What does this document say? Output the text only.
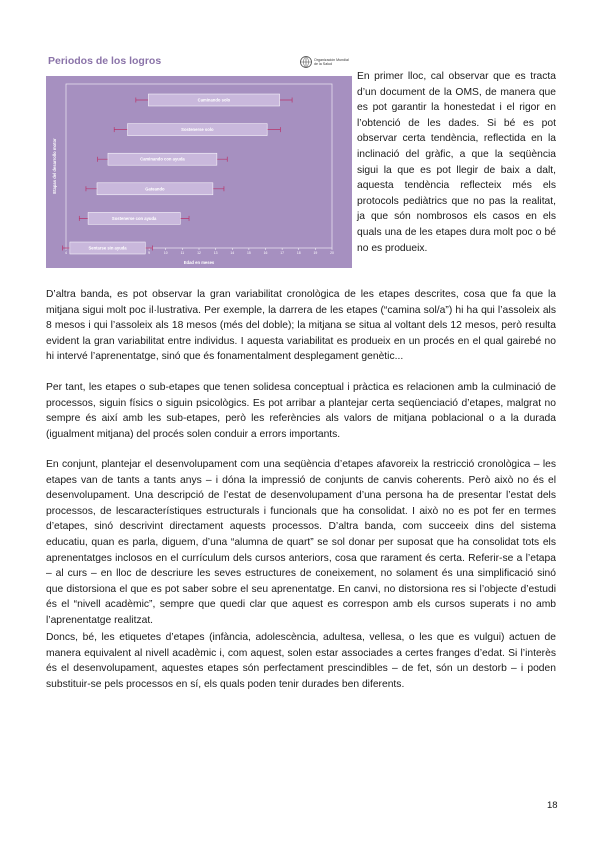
Periodos de los logros	Organización Mundial de la Salud
4	9	10	11	12	13	14	15	16	17	18	19	20
Edad en meses
Etapas del desarrollo motor
Caminando solo
Sostenerse solo
Caminando con ayuda
Gateando
Sostenerse con ayuda
Sentarse sin ayuda

En primer lloc, cal observar que es tracta d’un document de la OMS, de manera que es pot garantir la honestedat i el rigor en l’obtenció de les dades. Si bé es pot observar certa tendència, reflectida en la inclinació del gràfic, a que la seqüència sigui la que es pot llegir de baix a dalt, aquesta tendència reflecteix més els protocols pediàtrics que no pas la realitat, ja que són nombrosos els casos en els quals una de les etapes dura molt poc o bé no es produeix.

D’altra banda, es pot observar la gran variabilitat cronològica de les etapes descrites, cosa que fa que la mitjana sigui molt poc il·lustrativa. Per exemple, la darrera de les etapes (“camina sol/a”) hi ha qui l’assoleix als 8 mesos i qui l’assoleix als 18 mesos (més del doble); la mitjana se situa al voltant dels 12 mesos, però resulta evident la gran variabilitat entre individus. I aquesta variabilitat es produeix en un procés en el qual gairebé no hi intervé l’aprenentatge, sinó que és fonamentalment desplegament genètic...

Per tant, les etapes o sub-etapes que tenen solidesa conceptual i pràctica es relacionen amb la culminació de processos, siguin físics o siguin psicològics. Es pot arribar a plantejar certa seqüenciació d’etapes, malgrat no sempre és així amb les sub-etapes, però les referències als valors de mitjana poblacional o a la durada (igualment mitjana) del procés solen conduir a errors importants.

En conjunt, plantejar el desenvolupament com una seqüència d’etapes afavoreix la restricció cronològica – les etapes van de tants a tants anys – i dóna la impressió de conjunts de canvis coherents. Però això no és el desenvolupament. Una descripció de l’estat de desenvolupament d’una persona ha de presentar l’estat dels processos, de lescaracterístiques estructurals i funcionals que ha consolidat. I això no es pot fer en termes d’etapes, sinó descrivint directament aquests processos. D’altra banda, com succeeix dins del sistema educatiu, quan es parla, diguem, d’una “alumna de quart” se sol donar per suposat que ha consolidat tots els aprenentatges inclosos en el currículum dels cursos anteriors, cosa que rarament és certa. Referir-se a l’etapa – al curs – en lloc de descriure les seves estructures de coneixement, no solament és una simplificació sinó que distorsiona el que es pot saber sobre el seu aprenentatge. En canvi, no distorsiona res si l’objecte d’estudi és el “nivell acadèmic”, sempre que quedi clar que aquest es correspon amb els cursos superats i no amb l’aprenentatge realitzat.

Doncs, bé, les etiquetes d’etapes (infància, adolescència, adultesa, vellesa, o les que es vulgui) actuen de manera equivalent al nivell acadèmic i, com aquest, solen estar associades a certes franges d’edat. Si l’interès és el desenvolupament, aquestes etapes són perfectament prescindibles – de fet, són un destorb – i poden substituir-se pels processos en sí, els quals poden tenir durades ben diferents.

18
